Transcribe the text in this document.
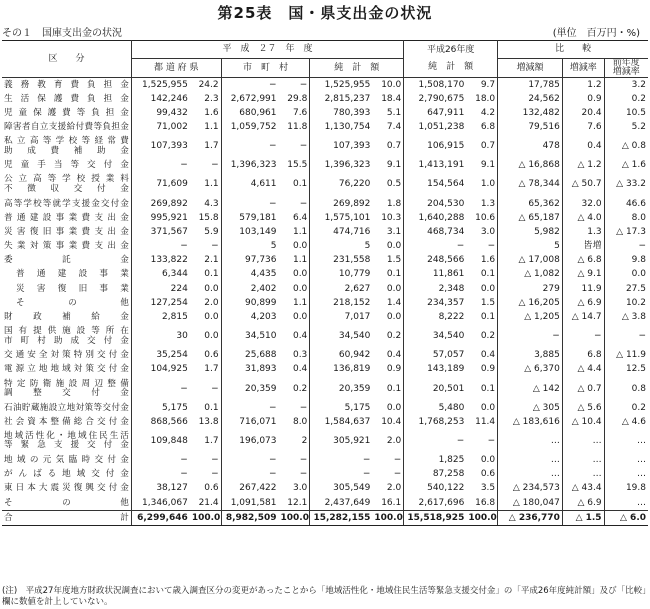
第25表　国・県支出金の状況
その１　国庫支出金の状況	(単位　百万円・%)
区　　分	平　成　２７　年　度						平成26年度		比　　較		
	都 道 府 県		市　町　村		純　計　額		純　計　額		増減額	増減率	前年度
増減率

義務教育費負担金	1,525,955	24.2	−	−	1,525,955	10.0	1,508,170	9.7	17,785	1.2	3.2

生活保護費負担金	142,246	2.3	2,672,991	29.8	2,815,237	18.4	2,790,675	18.0	24,562	0.9	0.2

児童保護費等負担金	99,432	1.6	680,961	7.6	780,393	5.1	647,911	4.2	132,482	20.4	10.5

障害者自立支援給付費等負担金	71,002	1.1	1,059,752	11.8	1,130,754	7.4	1,051,238	6.8	79,516	7.6	5.2

私立高等学校等経常費
助成費補助金	107,393	1.7	−	−	107,393	0.7	106,915	0.7	478	0.4	△ 0.8

児童手当等交付金	−	−	1,396,323	15.5	1,396,323	9.1	1,413,191	9.1	△ 16,868	△ 1.2	△ 1.6

公立高等学校授業料
不徴収交付金	71,609	1.1	4,611	0.1	76,220	0.5	154,564	1.0	△ 78,344	△ 50.7	△ 33.2

高等学校等就学支援金交付金	269,892	4.3	−	−	269,892	1.8	204,530	1.3	65,362	32.0	46.6

普通建設事業費支出金	995,921	15.8	579,181	6.4	1,575,101	10.3	1,640,288	10.6	△ 65,187	△ 4.0	8.0

災害復旧事業費支出金	371,567	5.9	103,149	1.1	474,716	3.1	468,734	3.0	5,982	1.3	△ 17.3

失業対策事業費支出金	−	−	5	0.0	5	0.0	−	−	5	皆増	−

委　託　金	133,822	2.1	97,736	1.1	231,558	1.5	248,566	1.6	△ 17,008	△ 6.8	9.8

普通建設事業	6,344	0.1	4,435	0.0	10,779	0.1	11,861	0.1	△ 1,082	△ 9.1	0.0

災害復旧事業	224	0.0	2,402	0.0	2,627	0.0	2,348	0.0	279	11.9	27.5

そ　の　他	127,254	2.0	90,899	1.1	218,152	1.4	234,357	1.5	△ 16,205	△ 6.9	10.2

財政補給金	2,815	0.0	4,203	0.0	7,017	0.0	8,222	0.1	△ 1,205	△ 14.7	△ 3.8

国有提供施設等所在
市町村助成交付金	30	0.0	34,510	0.4	34,540	0.2	34,540	0.2	−	−	−

交通安全対策特別交付金	35,254	0.6	25,688	0.3	60,942	0.4	57,057	0.4	3,885	6.8	△ 11.9

電源立地地域対策交付金	104,925	1.7	31,893	0.4	136,819	0.9	143,189	0.9	△ 6,370	△ 4.4	12.5

特定防衛施設周辺整備
調整交付金	−	−	20,359	0.2	20,359	0.1	20,501	0.1	△ 142	△ 0.7	0.8

石油貯蔵施設立地対策等交付金	5,175	0.1	−	−	5,175	0.0	5,480	0.0	△ 305	△ 5.6	0.2

社会資本整備総合交付金	868,566	13.8	716,071	8.0	1,584,637	10.4	1,768,253	11.4	△ 183,616	△ 10.4	△ 4.6

地域活性化・地域住民生活
等緊急支援交付金	109,848	1.7	196,073	2	305,921	2.0	−	−	…	…	…

地域の元気臨時交付金	−	−	−	−	−	−	1,825	0.0	…	…	…

がんばる地域交付金	−	−	−	−	−	−	87,258	0.6	…	…	…

東日本大震災復興交付金	38,127	0.6	267,422	3.0	305,549	2.0	540,122	3.5	△ 234,573	△ 43.4	19.8

そ　の　他	1,346,067	21.4	1,091,581	12.1	2,437,649	16.1	2,617,696	16.8	△ 180,047	△ 6.9	…

合　　計	6,299,646	100.0	8,982,509	100.0	15,282,155	100.0	15,518,925	100.0	△ 236,770	△ 1.5	△ 6.0
(注)　平成27年度地方財政状況調査において歳入調査区分の変更があったことから「地域活性化・地域住民生活等緊急支援交付金」の「平成26年度純計額」及び「比較」欄に数値を計上していない。
